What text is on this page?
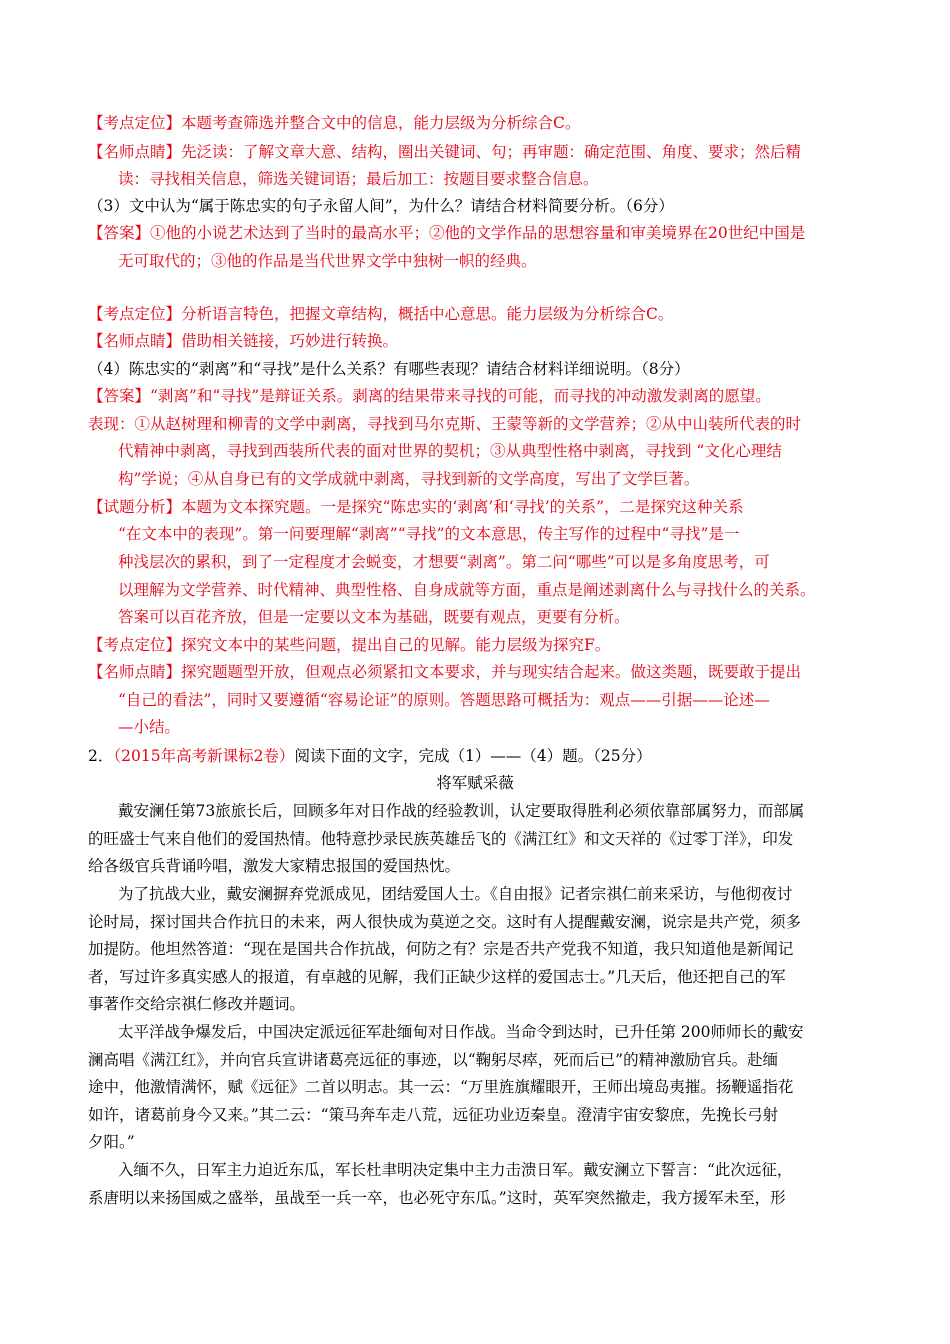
【考点定位】本题考查筛选并整合文中的信息，能力层级为分析综合C。
【名师点睛】先泛读：了解文章大意、结构，圈出关键词、句；再审题：确定范围、角度、要求；然后精
读：寻找相关信息，筛选关键词语；最后加工：按题目要求整合信息。
（3）文中认为“属于陈忠实的句子永留人间”，为什么？请结合材料简要分析。（6分）
【答案】①他的小说艺术达到了当时的最高水平；②他的文学作品的思想容量和审美境界在20世纪中国是
无可取代的；③他的作品是当代世界文学中独树一帜的经典。
【考点定位】分析语言特色，把握文章结构，概括中心意思。能力层级为分析综合C。
【名师点睛】借助相关链接，巧妙进行转换。
（4）陈忠实的“剥离”和“寻找”是什么关系？有哪些表现？请结合材料详细说明。（8分）
【答案】“剥离”和“寻找”是辩证关系。剥离的结果带来寻找的可能，而寻找的冲动激发剥离的愿望。
表现：①从赵树理和柳青的文学中剥离，寻找到马尔克斯、王蒙等新的文学营养；②从中山装所代表的时
代精神中剥离，寻找到西装所代表的面对世界的契机；③从典型性格中剥离，寻找到 “文化心理结
构”学说；④从自身已有的文学成就中剥离，寻找到新的文学高度，写出了文学巨著。
【试题分析】本题为文本探究题。一是探究“陈忠实的‘剥离’和‘寻找’的关系”，二是探究这种关系
“在文本中的表现”。第一问要理解“剥离”“寻找”的文本意思，传主写作的过程中“寻找”是一
种浅层次的累积，到了一定程度才会蜕变，才想要“剥离”。第二问“哪些”可以是多角度思考，可
以理解为文学营养、时代精神、典型性格、自身成就等方面，重点是阐述剥离什么与寻找什么的关系。
答案可以百花齐放，但是一定要以文本为基础，既要有观点，更要有分析。
【考点定位】探究文本中的某些问题，提出自己的见解。能力层级为探究F。
【名师点睛】探究题题型开放，但观点必须紧扣文本要求，并与现实结合起来。做这类题，既要敢于提出
“自己的看法”，同时又要遵循“容易论证”的原则。答题思路可概括为：观点——引据——论述—
—小结。
2．（2015年高考新课标2卷）阅读下面的文字，完成（1）——（4）题。（25分）
将军赋采薇
戴安澜任第73旅旅长后，回顾多年对日作战的经验教训，认定要取得胜利必须依靠部属努力，而部属
的旺盛士气来自他们的爱国热情。他特意抄录民族英雄岳飞的《满江红》和文天祥的《过零丁洋》，印发
给各级官兵背诵吟唱，激发大家精忠报国的爱国热忱。
为了抗战大业，戴安澜摒弃党派成见，团结爱国人士。《自由报》记者宗祺仁前来采访，与他彻夜讨
论时局，探讨国共合作抗日的未来，两人很快成为莫逆之交。这时有人提醒戴安澜，说宗是共产党，须多
加提防。他坦然答道：“现在是国共合作抗战，何防之有？宗是否共产党我不知道，我只知道他是新闻记
者，写过许多真实感人的报道，有卓越的见解，我们正缺少这样的爱国志士。”几天后，他还把自己的军
事著作交给宗祺仁修改并题词。
太平洋战争爆发后，中国决定派远征军赴缅甸对日作战。当命令到达时，已升任第 200师师长的戴安
澜高唱《满江红》，并向官兵宣讲诸葛亮远征的事迹，以“鞠躬尽瘁，死而后已”的精神激励官兵。赴缅
途中，他激情满怀，赋《远征》二首以明志。其一云：“万里旌旗耀眼开，王师出境岛夷摧。扬鞭遥指花
如许，诸葛前身今又来。”其二云：“策马奔车走八荒，远征功业迈秦皇。澄清宇宙安黎庶，先挽长弓射
夕阳。”
入缅不久，日军主力迫近东瓜，军长杜聿明决定集中主力击溃日军。戴安澜立下誓言：“此次远征，
系唐明以来扬国威之盛举，虽战至一兵一卒，也必死守东瓜。”这时，英军突然撤走，我方援军未至，形
